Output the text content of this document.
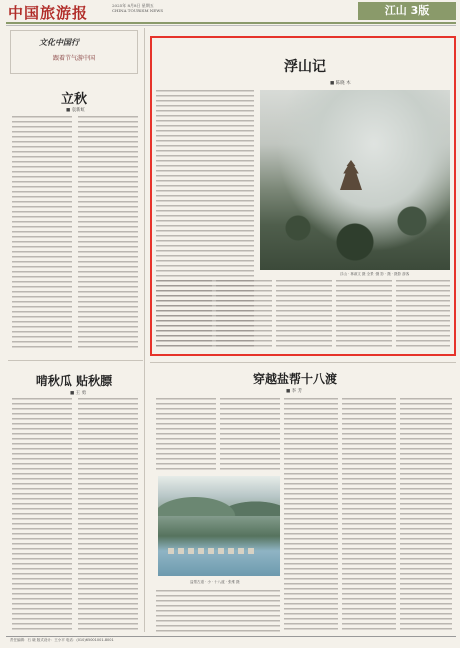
中国旅游报	2025年 8月8日 星期五
CHINA TOURISM NEWS	江山 3版
文化中国行
跟着节气游中国
立秋
■ 袁新虹
啃秋瓜 贴秋膘
■ 王 勇
浮山记
■ 陈晓 木
浮山 · 林淑文 摄 全景 ·摄 影 · 摄 · 摄影 游客
穿越盐帮十八渡
■ 李 芳
盐帮古道 · 小 · 十八渡 · 张维 摄
责任编辑：石 晓 版式设计：王小平 电话：(010)65001001-8001
